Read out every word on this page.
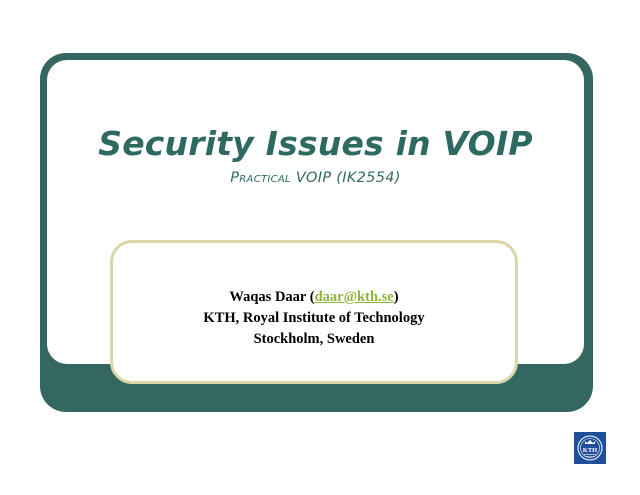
Security Issues in VOIP
Practical VOIP (IK2554)
Waqas Daar (daar@kth.se)
KTH, Royal Institute of Technology
Stockholm, Sweden
KTH
